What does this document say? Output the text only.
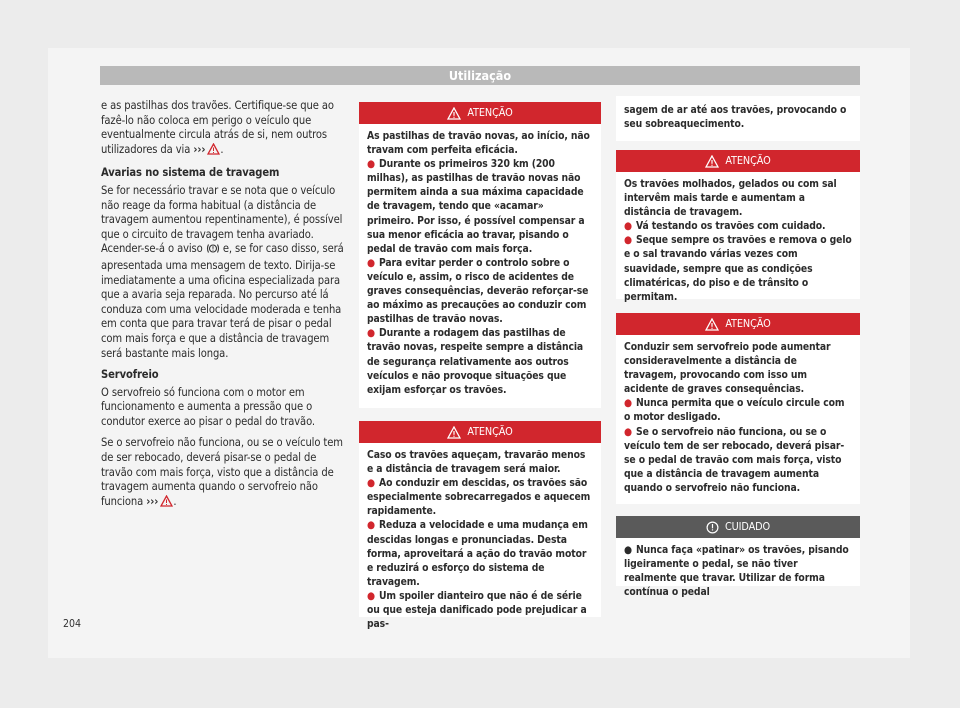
Utilização

e as pastilhas dos travões. Certifique-se que ao fazê-lo não coloca em perigo o veículo que eventualmente circula atrás de si, nem outros utilizadores da via ››› .

Avarias no sistema de travagem

Se for necessário travar e se nota que o veículo não reage da forma habitual (a distância de travagem aumentou repentinamente), é possível que o circuito de travagem tenha avariado. Acender-se-á o aviso e, se for caso disso, será apresentada uma mensagem de texto. Dirija-se imediatamente a uma oficina especializada para que a avaria seja reparada. No percurso até lá conduza com uma velocidade moderada e tenha em conta que para travar terá de pisar o pedal com mais força e que a distância de travagem será bastante mais longa.

Servofreio

O servofreio só funciona com o motor em funcionamento e aumenta a pressão que o condutor exerce ao pisar o pedal do travão.

Se o servofreio não funciona, ou se o veículo tem de ser rebocado, deverá pisar-se o pedal de travão com mais força, visto que a distância de travagem aumenta quando o servofreio não funciona ››› .

ATENÇÃO

As pastilhas de travão novas, ao início, não travam com perfeita eficácia.

● Durante os primeiros 320 km (200 milhas), as pastilhas de travão novas não permitem ainda a sua máxima capacidade de travagem, tendo que «acamar» primeiro. Por isso, é possível compensar a sua menor eficácia ao travar, pisando o pedal de travão com mais força.
● Para evitar perder o controlo sobre o veículo e, assim, o risco de acidentes de graves consequências, deverão reforçar-se ao máximo as precauções ao conduzir com pastilhas de travão novas.
● Durante a rodagem das pastilhas de travão novas, respeite sempre a distância de segurança relativamente aos outros veículos e não provoque situações que exijam esforçar os travões.
ATENÇÃO

Caso os travões aqueçam, travarão menos e a distância de travagem será maior.

● Ao conduzir em descidas, os travões são especialmente sobrecarregados e aquecem rapidamente.
● Reduza a velocidade e uma mudança em descidas longas e pronunciadas. Desta forma, aproveitará a ação do travão motor e reduzirá o esforço do sistema de travagem.
● Um spoiler dianteiro que não é de série ou que esteja danificado pode prejudicar a pas-

sagem de ar até aos travões, provocando o seu sobreaquecimento.

ATENÇÃO

Os travões molhados, gelados ou com sal intervêm mais tarde e aumentam a distância de travagem.

● Vá testando os travões com cuidado.
● Seque sempre os travões e remova o gelo e o sal travando várias vezes com suavidade, sempre que as condições climatéricas, do piso e de trânsito o permitam.
ATENÇÃO

Conduzir sem servofreio pode aumentar consideravelmente a distância de travagem, provocando com isso um acidente de graves consequências.

● Nunca permita que o veículo circule com o motor desligado.
● Se o servofreio não funciona, ou se o veículo tem de ser rebocado, deverá pisar-se o pedal de travão com mais força, visto que a distância de travagem aumenta quando o servofreio não funciona.
CUIDADO
● Nunca faça «patinar» os travões, pisando ligeiramente o pedal, se não tiver realmente que travar. Utilizar de forma contínua o pedal
204
